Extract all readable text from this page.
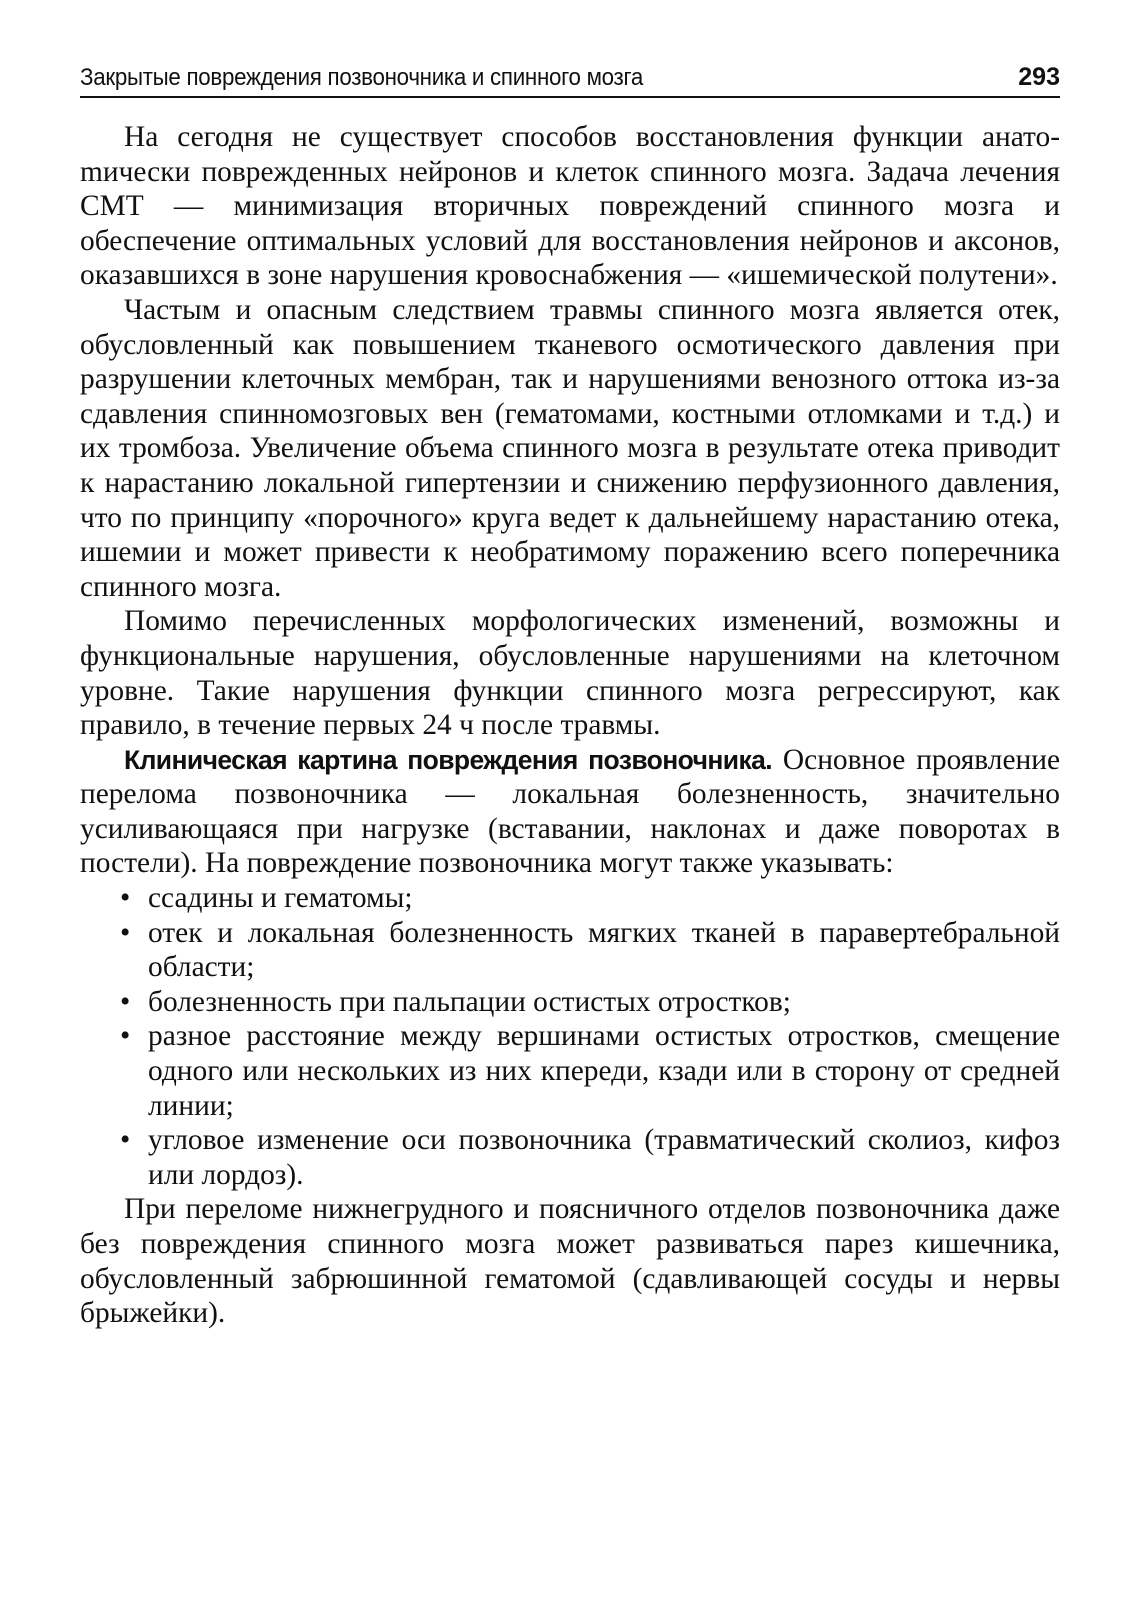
Закрытые повреждения позвоночника и спинного мозга	293

На сегодня не существует способов восстановления функции анатоmически поврежденных нейронов и клеток спинного мозга. Задача лечения СМТ — минимизация вторичных повреждений спинного мозга и обеспечение оптимальных условий для восстановления нейронов и аксонов, оказавшихся в зоне нарушения кровоснабжения — «ишемической полутени».

Частым и опасным следствием травмы спинного мозга является отек, обусловленный как повышением тканевого осмотического давления при разрушении клеточных мембран, так и нарушениями венозного оттока из-за сдавления спинномозговых вен (гематомами, костными отломками и т.д.) и их тромбоза. Увеличение объема спинного мозга в результате отека приводит к нарастанию локальной гипертензии и снижению перфузионного давления, что по принципу «порочного» круга ведет к дальнейшему нарастанию отека, ишемии и может привести к необратимому поражению всего поперечника спинного мозга.

Помимо перечисленных морфологических изменений, возможны и функциональные нарушения, обусловленные нарушениями на клеточном уровне. Такие нарушения функции спинного мозга регрессируют, как правило, в течение первых 24 ч после травмы.

Клиническая картина повреждения позвоночника. Основное проявление перелома позвоночника — локальная болезненность, значительно усиливающаяся при нагрузке (вставании, наклонах и даже поворотах в постели). На повреждение позвоночника могут также указывать:

• ссадины и гематомы;
• отек и локальная болезненность мягких тканей в паравертебральной области;
• болезненность при пальпации остистых отростков;
• разное расстояние между вершинами остистых отростков, смещение одного или нескольких из них кпереди, кзади или в сторону от средней линии;
• угловое изменение оси позвоночника (травматический сколиоз, кифоз или лордоз).

При переломе нижнегрудного и поясничного отделов позвоночника даже без повреждения спинного мозга может развиваться парез кишечника, обусловленный забрюшинной гематомой (сдавливающей сосуды и нервы брыжейки).
